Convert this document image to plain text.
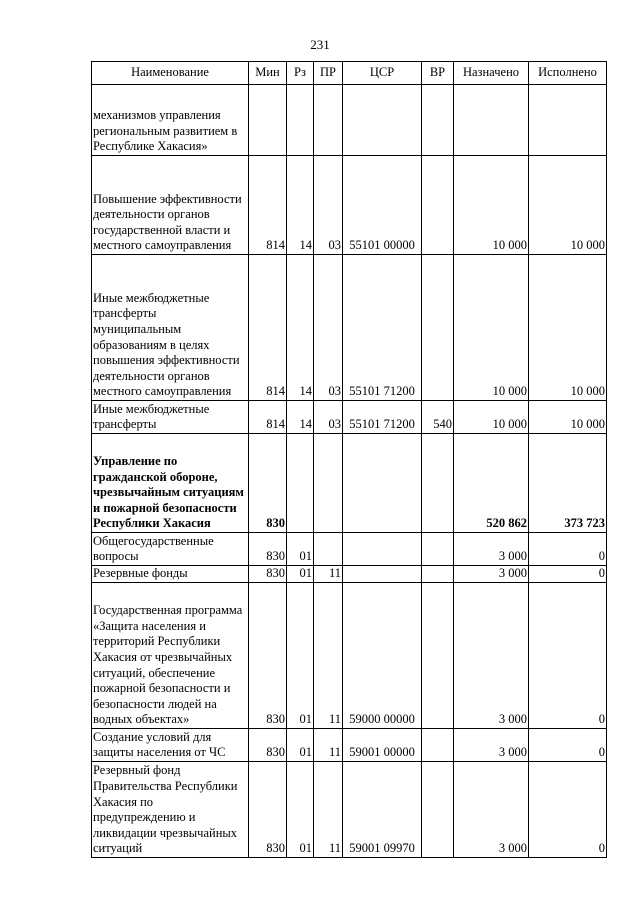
231
Наименование	Мин	Рз	ПР	ЦСР	ВР	Назначено	Исполнено
механизмов управления региональным развитием в Республике Хакасия»							
Повышение эффективности деятельности органов государственной власти и местного самоуправления	814	14	03	55101 00000		10 000	10 000
Иные межбюджетные трансферты муниципальным образованиям в целях повышения эффективности деятельности органов местного самоуправления	814	14	03	55101 71200		10 000	10 000
Иные межбюджетные трансферты	814	14	03	55101 71200	540	10 000	10 000
Управление по гражданской обороне, чрезвычайным ситуациям и пожарной безопасности Республики Хакасия	830					520 862	373 723
Общегосударственные вопросы	830	01				3 000	0
Резервные фонды	830	01	11			3 000	0
Государственная программа «Защита населения и территорий Республики Хакасия от чрезвычайных ситуаций, обеспечение пожарной безопасности и безопасности людей на водных объектах»	830	01	11	59000 00000		3 000	0
Создание условий для защиты населения от ЧС	830	01	11	59001 00000		3 000	0
Резервный фонд Правительства Республики Хакасия по предупреждению и ликвидации чрезвычайных ситуаций	830	01	11	59001 09970		3 000	0
